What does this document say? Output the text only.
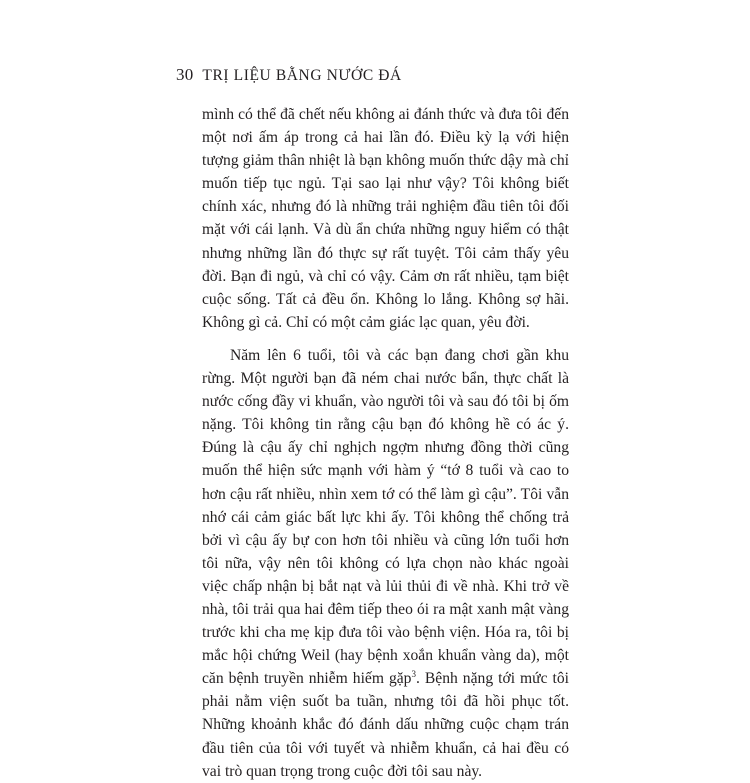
30 TRỊ LIỆU BẰNG NƯỚC ĐÁ

mình có thể đã chết nếu không ai đánh thức và đưa tôi đến một nơi ấm áp trong cả hai lần đó. Điều kỳ lạ với hiện tượng giảm thân nhiệt là bạn không muốn thức dậy mà chỉ muốn tiếp tục ngủ. Tại sao lại như vậy? Tôi không biết chính xác, nhưng đó là những trải nghiệm đầu tiên tôi đối mặt với cái lạnh. Và dù ẩn chứa những nguy hiểm có thật nhưng những lần đó thực sự rất tuyệt. Tôi cảm thấy yêu đời. Bạn đi ngủ, và chỉ có vậy. Cảm ơn rất nhiều, tạm biệt cuộc sống. Tất cả đều ổn. Không lo lắng. Không sợ hãi. Không gì cả. Chỉ có một cảm giác lạc quan, yêu đời.

Năm lên 6 tuổi, tôi và các bạn đang chơi gần khu rừng. Một người bạn đã ném chai nước bẩn, thực chất là nước cống đầy vi khuẩn, vào người tôi và sau đó tôi bị ốm nặng. Tôi không tin rằng cậu bạn đó không hề có ác ý. Đúng là cậu ấy chỉ nghịch ngợm nhưng đồng thời cũng muốn thể hiện sức mạnh với hàm ý “tớ 8 tuổi và cao to hơn cậu rất nhiều, nhìn xem tớ có thể làm gì cậu”. Tôi vẫn nhớ cái cảm giác bất lực khi ấy. Tôi không thể chống trả bởi vì cậu ấy bự con hơn tôi nhiều và cũng lớn tuổi hơn tôi nữa, vậy nên tôi không có lựa chọn nào khác ngoài việc chấp nhận bị bắt nạt và lủi thủi đi về nhà. Khi trở về nhà, tôi trải qua hai đêm tiếp theo ói ra mật xanh mật vàng trước khi cha mẹ kịp đưa tôi vào bệnh viện. Hóa ra, tôi bị mắc hội chứng Weil (hay bệnh xoắn khuẩn vàng da), một căn bệnh truyền nhiễm hiếm gặp$^3$. Bệnh nặng tới mức tôi phải nằm viện suốt ba tuần, nhưng tôi đã hồi phục tốt. Những khoảnh khắc đó đánh dấu những cuộc chạm trán đầu tiên của tôi với tuyết và nhiễm khuẩn, cả hai đều có vai trò quan trọng trong cuộc đời tôi sau này.
